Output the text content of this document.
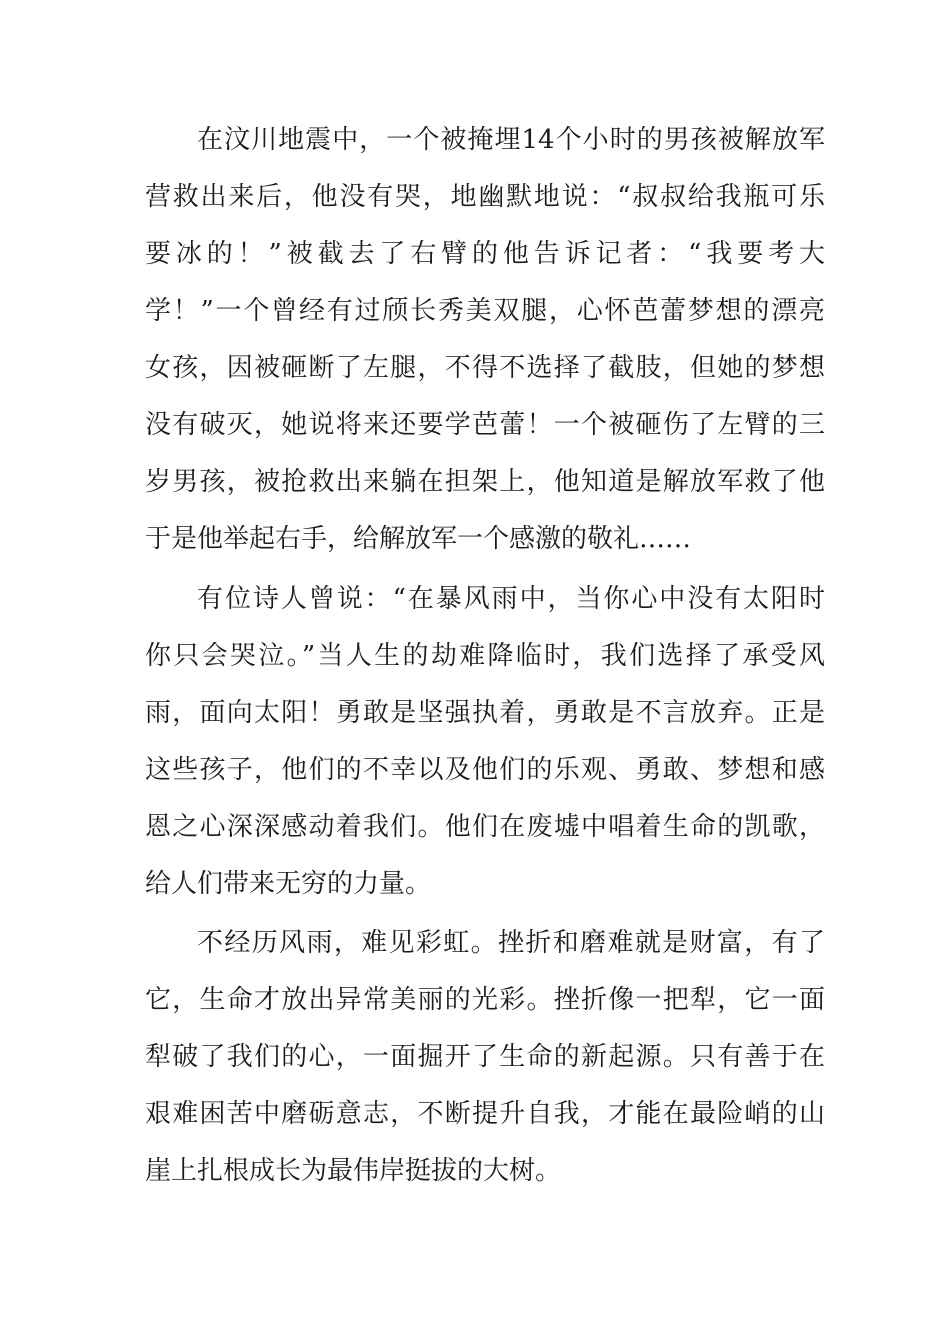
在汶川地震中，一个被掩埋14个小时的男孩被解放军
营救出来后，他没有哭，地幽默地说：“叔叔给我瓶可乐
要冰的！”被截去了右臂的他告诉记者：“我要考大
学！”一个曾经有过颀长秀美双腿，心怀芭蕾梦想的漂亮
女孩，因被砸断了左腿，不得不选择了截肢，但她的梦想
没有破灭，她说将来还要学芭蕾！一个被砸伤了左臂的三
岁男孩，被抢救出来躺在担架上，他知道是解放军救了他
于是他举起右手，给解放军一个感激的敬礼……
有位诗人曾说：“在暴风雨中，当你心中没有太阳时
你只会哭泣。”当人生的劫难降临时，我们选择了承受风
雨，面向太阳！勇敢是坚强执着，勇敢是不言放弃。正是
这些孩子，他们的不幸以及他们的乐观、勇敢、梦想和感
恩之心深深感动着我们。他们在废墟中唱着生命的凯歌，
给人们带来无穷的力量。
不经历风雨，难见彩虹。挫折和磨难就是财富，有了
它，生命才放出异常美丽的光彩。挫折像一把犁，它一面
犁破了我们的心，一面掘开了生命的新起源。只有善于在
艰难困苦中磨砺意志，不断提升自我，才能在最险峭的山
崖上扎根成长为最伟岸挺拔的大树。
